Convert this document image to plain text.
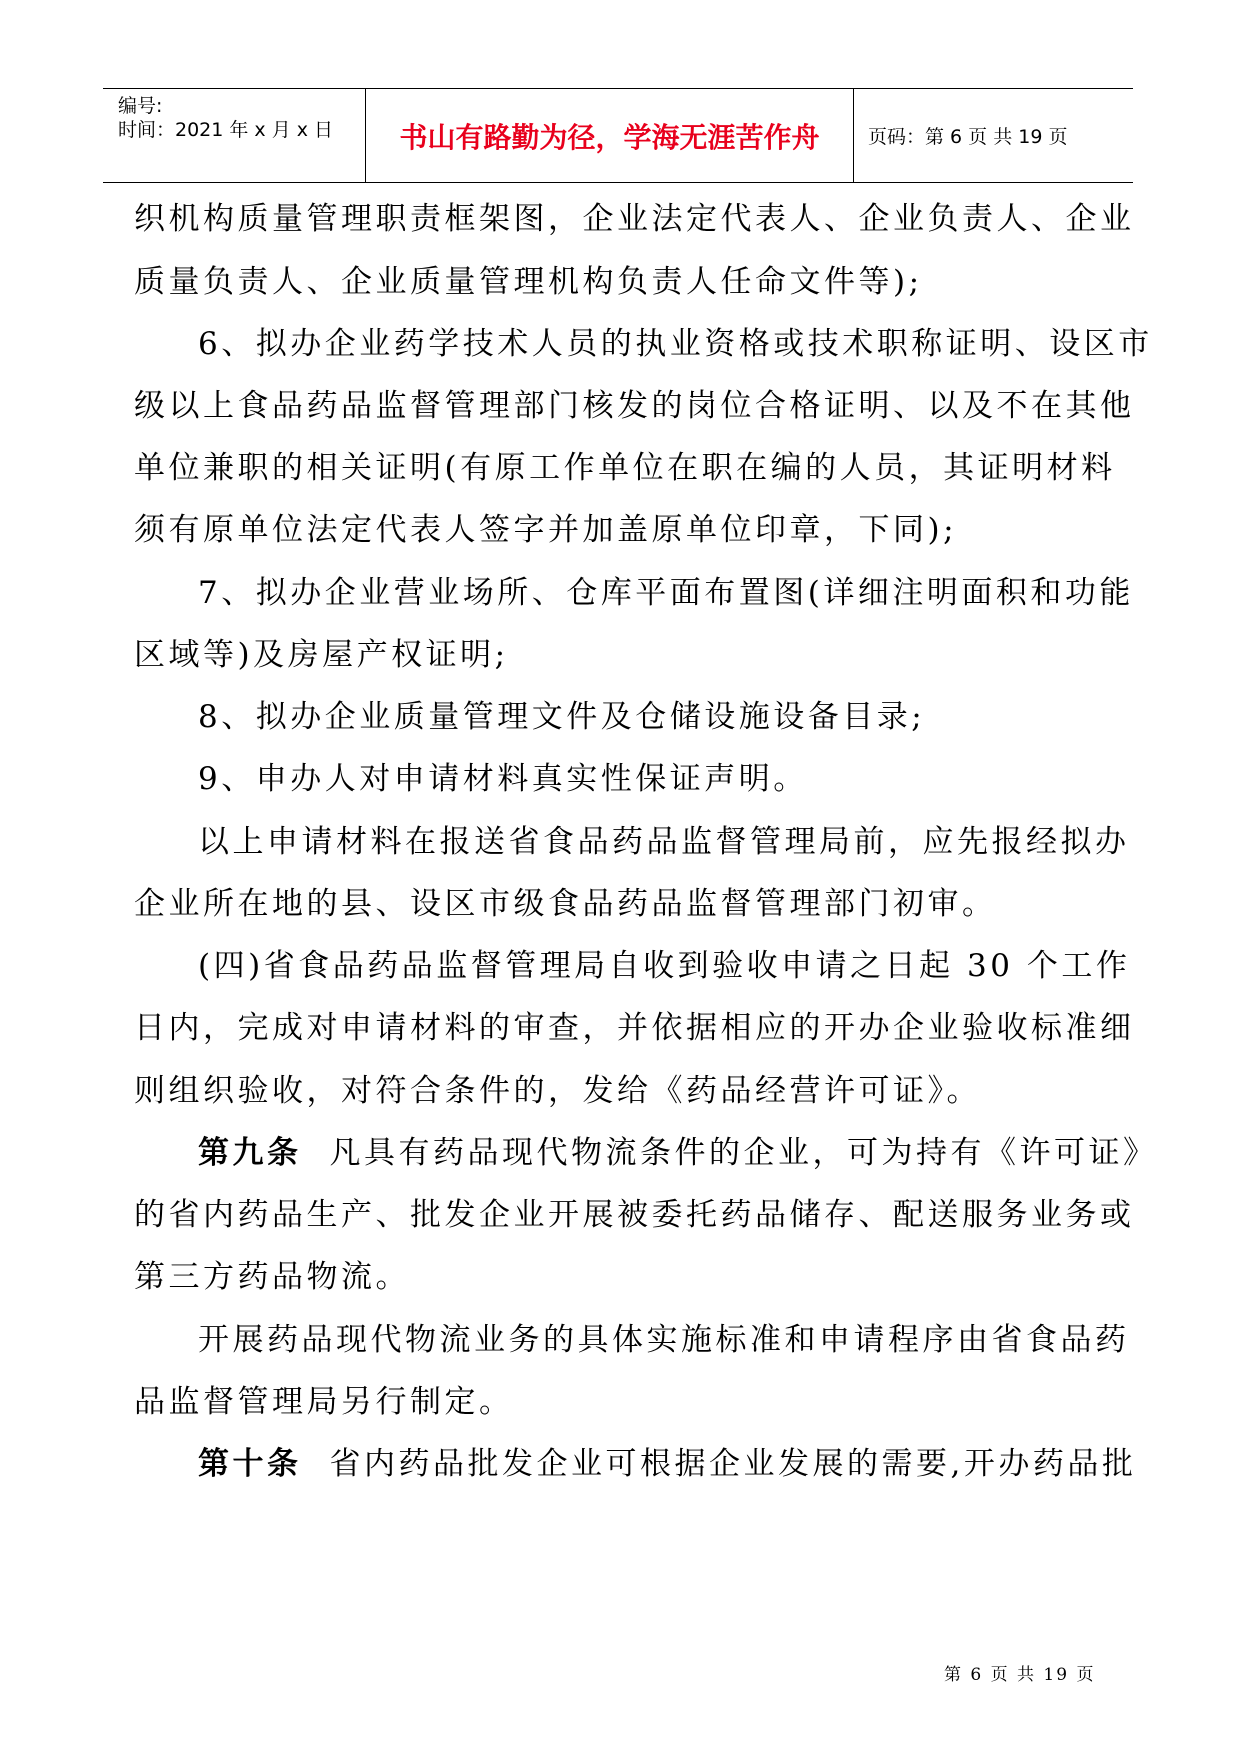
编号:
时间：2021 年 x 月 x 日	书山有路勤为径，学海无涯苦作舟	页码：第 6 页 共 19 页
织机构质量管理职责框架图，企业法定代表人、企业负责人、企业
质量负责人、企业质量管理机构负责人任命文件等);
6、拟办企业药学技术人员的执业资格或技术职称证明、设区市
级以上食品药品监督管理部门核发的岗位合格证明、以及不在其他
单位兼职的相关证明(有原工作单位在职在编的人员，其证明材料
须有原单位法定代表人签字并加盖原单位印章，下同);
7、拟办企业营业场所、仓库平面布置图(详细注明面积和功能
区域等)及房屋产权证明;
8、拟办企业质量管理文件及仓储设施设备目录;
9、申办人对申请材料真实性保证声明。
以上申请材料在报送省食品药品监督管理局前，应先报经拟办
企业所在地的县、设区市级食品药品监督管理部门初审。
(四)省食品药品监督管理局自收到验收申请之日起 30 个工作
日内，完成对申请材料的审查，并依据相应的开办企业验收标准细
则组织验收，对符合条件的，发给《药品经营许可证》。
第九条 凡具有药品现代物流条件的企业，可为持有《许可证》
的省内药品生产、批发企业开展被委托药品储存、配送服务业务或
第三方药品物流。
开展药品现代物流业务的具体实施标准和申请程序由省食品药
品监督管理局另行制定。
第十条 省内药品批发企业可根据企业发展的需要,开办药品批
第 6 页 共 19 页
